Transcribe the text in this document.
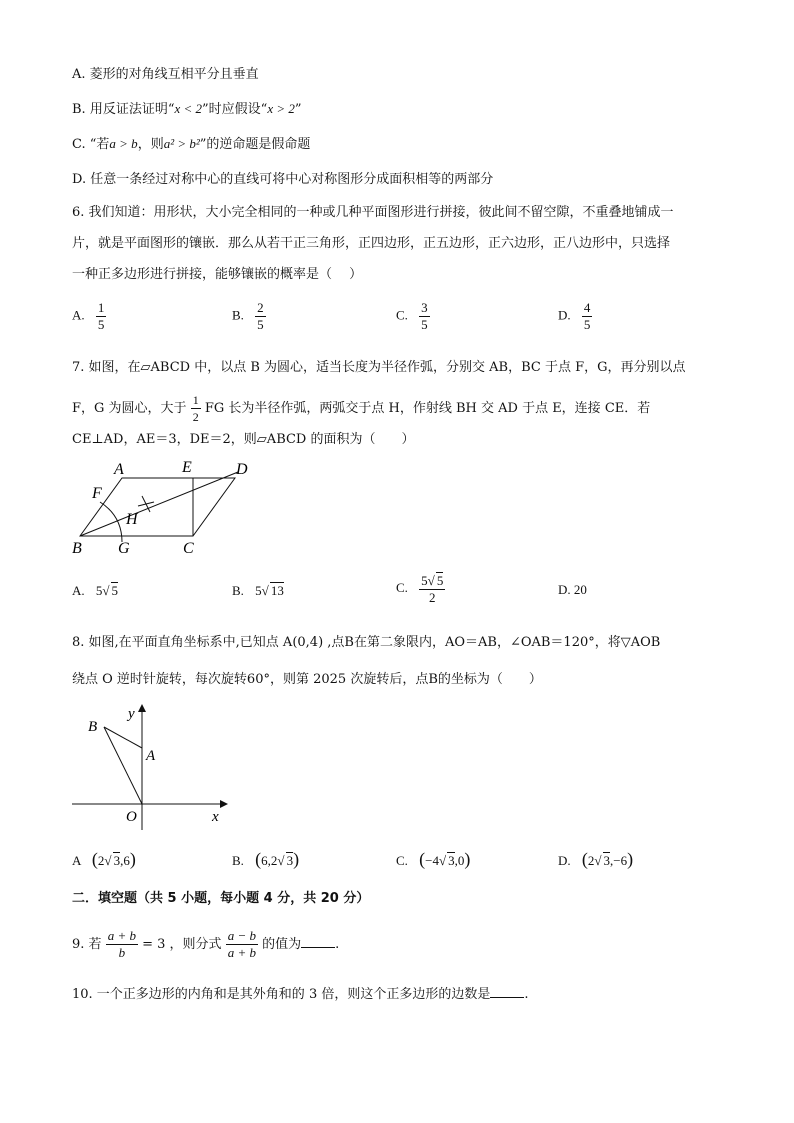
A. 菱形的对角线互相平分且垂直
B. 用反证法证明“x < 2”时应假设“x > 2”
C. “若a > b，则a² > b²”的逆命题是假命题
D. 任意一条经过对称中心的直线可将中心对称图形分成面积相等的两部分
6. 我们知道：用形状，大小完全相同的一种或几种平面图形进行拼接，彼此间不留空隙，不重叠地铺成一
片，就是平面图形的镶嵌．那么从若干正三角形，正四边形，正五边形，正六边形，正八边形中，只选择
一种正多边形进行拼接，能够镶嵌的概率是（　 ）
A. $\frac{1}{5}$	B. $\frac{2}{5}$	C. $\frac{3}{5}$	D. $\frac{4}{5}$
7. 如图，在▱ABCD 中，以点 B 为圆心，适当长度为半径作弧，分别交 AB，BC 于点 F，G，再分别以点
F，G 为圆心，大于 $\frac{1}{2}$ FG 长为半径作弧，两弧交于点 H，作射线 BH 交 AD 于点 E，连接 CE．若
CE⊥AD，AE＝3，DE＝2，则▱ABCD 的面积为（　　）
A	E	D
F
H
B G	C
A. 5√ 5	B. 5√ 13	C. $\frac{5√ 5}{2}$	D. 20
8. 如图,在平面直角坐标系中,已知点 A(0,4) ,点B在第二象限内，AO＝AB，∠OAB＝120°，将▽AOB
绕点 O 逆时针旋转，每次旋转60°，则第 2025 次旋转后，点B的坐标为（　　）
y
B
A
O	x
A (2√ 3,6)	B. (6,2√ 3)	C. (−4√ 3,0)	D. (2√ 3,−6)
二．填空题（共 5 小题，每小题 4 分，共 20 分）
9. 若 $\frac{a + b}{b} = 3$ ，则分式 $\frac{a - b}{a + b}$ 的值为	.
10. 一个正多边形的内角和是其外角和的 3 倍，则这个正多边形的边数是	.
